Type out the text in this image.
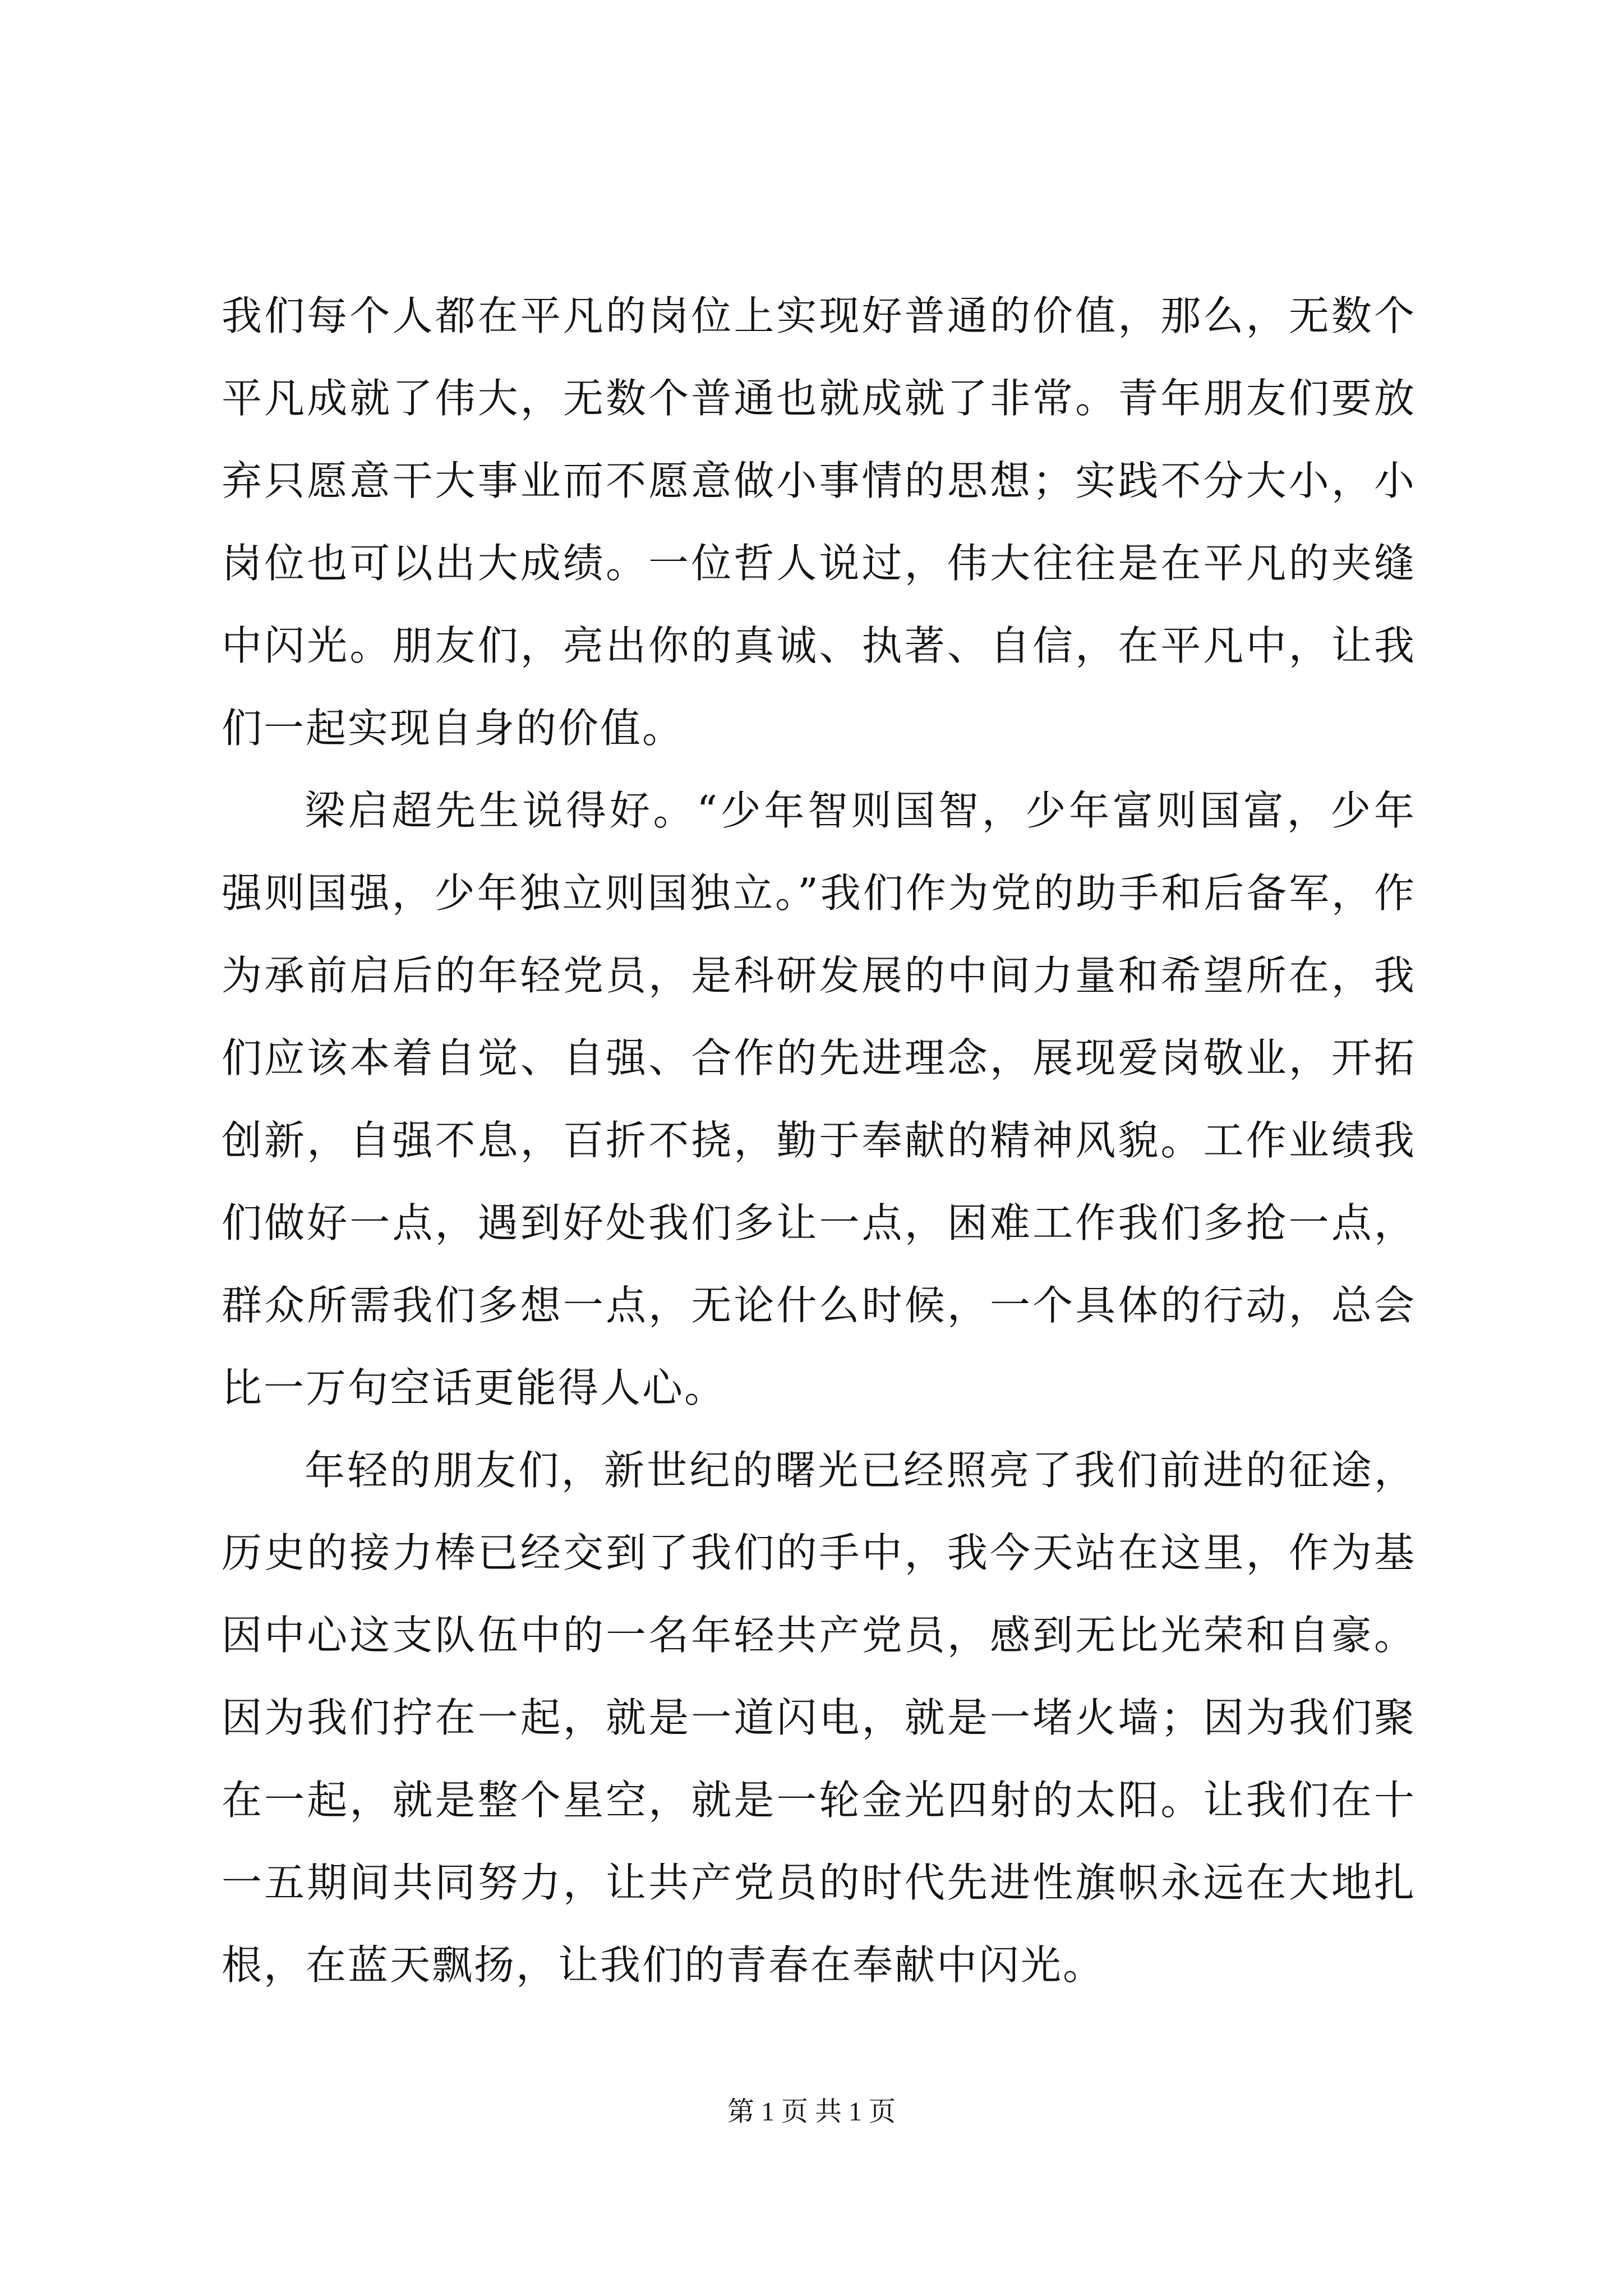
我们每个人都在平凡的岗位上实现好普通的价值，那么，无数个平凡成就了伟大，无数个普通也就成就了非常。青年朋友们要放弃只愿意干大事业而不愿意做小事情的思想；实践不分大小，小岗位也可以出大成绩。一位哲人说过，伟大往往是在平凡的夹缝中闪光。朋友们，亮出你的真诚、执著、自信，在平凡中，让我们一起实现自身的价值。

梁启超先生说得好。“少年智则国智，少年富则国富，少年强则国强，少年独立则国独立。”我们作为党的助手和后备军，作为承前启后的年轻党员，是科研发展的中间力量和希望所在，我们应该本着自觉、自强、合作的先进理念，展现爱岗敬业，开拓创新，自强不息，百折不挠，勤于奉献的精神风貌。工作业绩我们做好一点，遇到好处我们多让一点，困难工作我们多抢一点，群众所需我们多想一点，无论什么时候，一个具体的行动，总会比一万句空话更能得人心。

年轻的朋友们，新世纪的曙光已经照亮了我们前进的征途，历史的接力棒已经交到了我们的手中，我今天站在这里，作为基因中心这支队伍中的一名年轻共产党员，感到无比光荣和自豪。因为我们拧在一起，就是一道闪电，就是一堵火墙；因为我们聚在一起，就是整个星空，就是一轮金光四射的太阳。让我们在十一五期间共同努力，让共产党员的时代先进性旗帜永远在大地扎根，在蓝天飘扬，让我们的青春在奉献中闪光。

第 1 页 共 1 页
